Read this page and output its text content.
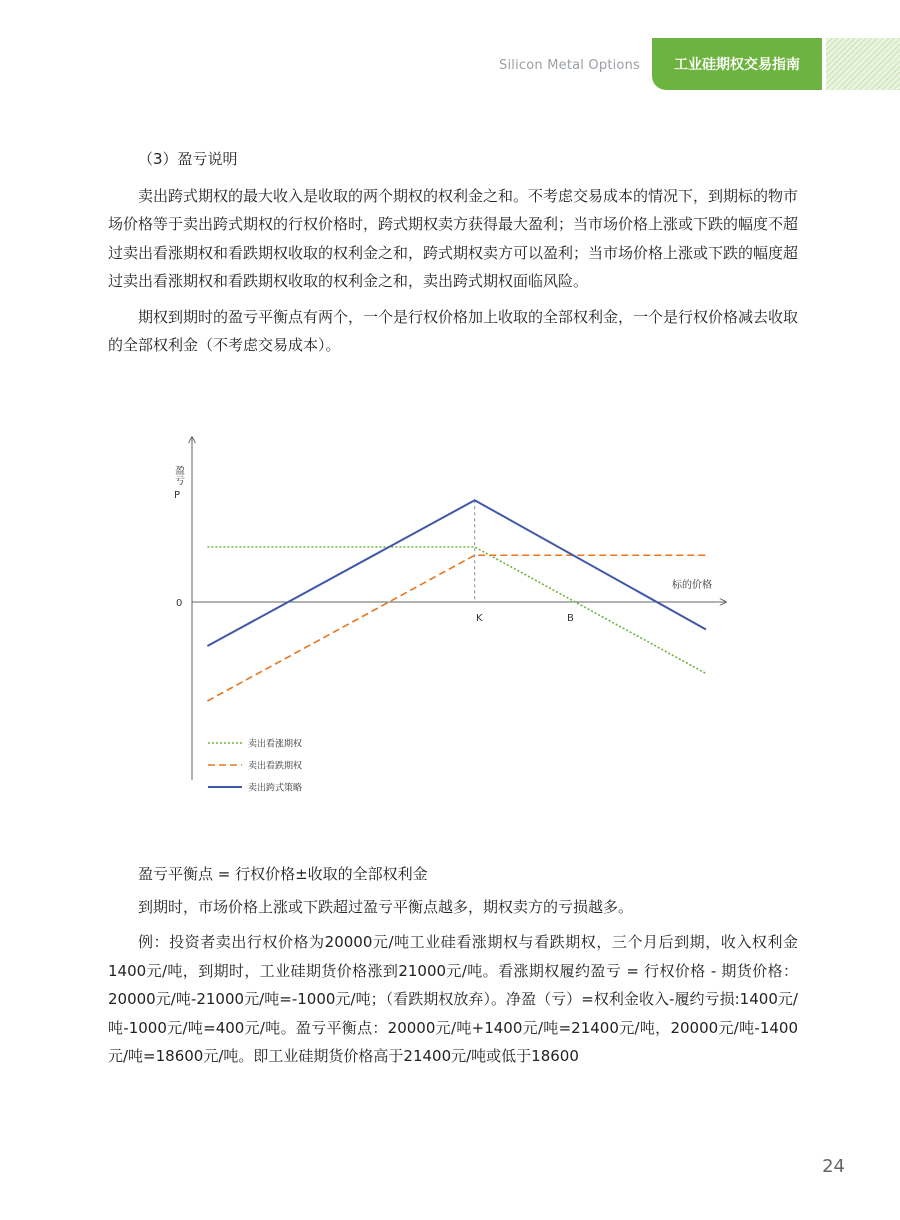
Silicon Metal Options	工业硅期权交易指南

（3）盈亏说明

卖出跨式期权的最大收入是收取的两个期权的权利金之和。不考虑交易成本的情况下，到期标的物市场价格等于卖出跨式期权的行权价格时，跨式期权卖方获得最大盈利；当市场价格上涨或下跌的幅度不超过卖出看涨期权和看跌期权收取的权利金之和，跨式期权卖方可以盈利；当市场价格上涨或下跌的幅度超过卖出看涨期权和看跌期权收取的权利金之和，卖出跨式期权面临风险。

期权到期时的盈亏平衡点有两个，一个是行权价格加上收取的全部权利金，一个是行权价格减去收取的全部权利金（不考虑交易成本）。

盈亏
P
0
标的价格
K	B
卖出看涨期权
卖出看跌期权
卖出跨式策略

盈亏平衡点 = 行权价格±收取的全部权利金

到期时，市场价格上涨或下跌超过盈亏平衡点越多，期权卖方的亏损越多。

例：投资者卖出行权价格为20000元/吨工业硅看涨期权与看跌期权，三个月后到期，收入权利金1400元/吨，到期时，工业硅期货价格涨到21000元/吨。看涨期权履约盈亏 = 行权价格 - 期货价格：20000元/吨-21000元/吨=-1000元/吨；（看跌期权放弃）。净盈（亏）=权利金收入-履约亏损:1400元/吨-1000元/吨=400元/吨。盈亏平衡点：20000元/吨+1400元/吨=21400元/吨，20000元/吨-1400元/吨=18600元/吨。即工业硅期货价格高于21400元/吨或低于18600

24
